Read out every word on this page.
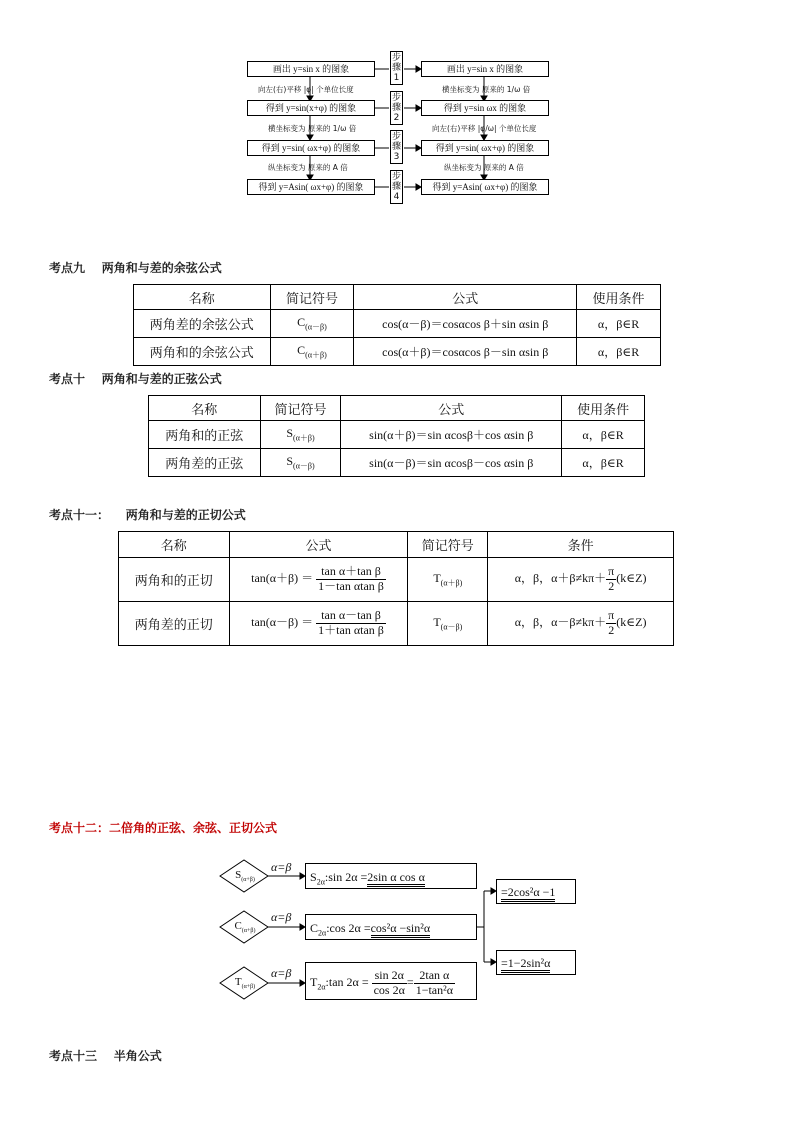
画出 y=sin x 的图象
得到 y=sin(x+φ) 的图象
得到 y=sin( ωx+φ) 的图象
得到 y=Asin( ωx+φ) 的图象
画出 y=sin x 的图象
得到 y=sin ωx 的图象
得到 y=sin( ωx+φ) 的图象
得到 y=Asin( ωx+φ) 的图象
步骤1
步骤2
步骤3
步骤4
向左(右)平移 |φ| 个单位长度
横坐标变为 原来的 1/ω 倍
纵坐标变为 原来的 A 倍
横坐标变为 原来的 1/ω 倍
向左(右)平移 |φ/ω| 个单位长度
纵坐标变为 原来的 A 倍
考点九    两角和与差的余弦公式
名称	简记符号	公式	使用条件
两角差的余弦公式	$C_{(\alpha-\beta)}$	cos(α－β)＝cosαcos β＋sin αsin β	α，β∈R
两角和的余弦公式	$C_{(\alpha+\beta)}$	cos(α＋β)＝cosαcos β－sin αsin β	α，β∈R
考点十    两角和与差的正弦公式
名称	简记符号	公式	使用条件
两角和的正弦	$S_{(\alpha+\beta)}$	sin(α＋β)＝sin αcosβ＋cos αsin β	α，β∈R
两角差的正弦	$S_{(\alpha-\beta)}$	sin(α－β)＝sin αcosβ－cos αsin β	α，β∈R
考点十一：    两角和与差的正切公式
名称	公式	简记符号	条件
两角和的正切	$\tan(\alpha+\beta) = \frac{\text{tan α＋tan β}}{\text{1－tan αtan β}}$	$T_{(\alpha+\beta)}$	α，β，$\alpha+\beta\ne k\pi+ \frac{\pi}{2}$ (k∈Z)
两角差的正切	$\tan(\alpha-\beta) = \frac{\text{tan α－tan β}}{\text{1＋tan αtan β}}$	$T_{(\alpha-\beta)}$	α，β，$\alpha-\beta\ne k\pi+ \frac{\pi}{2}$ (k∈Z)
考点十二：二倍角的正弦、余弦、正切公式
$S_{(\alpha+\beta)}$
$C_{(\alpha+\beta)}$
$T_{(\alpha+\beta)}$
α=β
α=β
α=β
$S_{2\alpha}:\sin$ 2α =2sin α cos α
$C_{2\alpha}:\cos$ 2α =cos²α −sin²α
$T_{2\alpha}:\tan$ $2\alpha = \frac{\sin 2\alpha}{\cos 2\alpha} = \frac{\text{2tan α}}{\text{1−tan²α}}$
=2cos²α −1
=1−2sin²α
考点十三    半角公式
